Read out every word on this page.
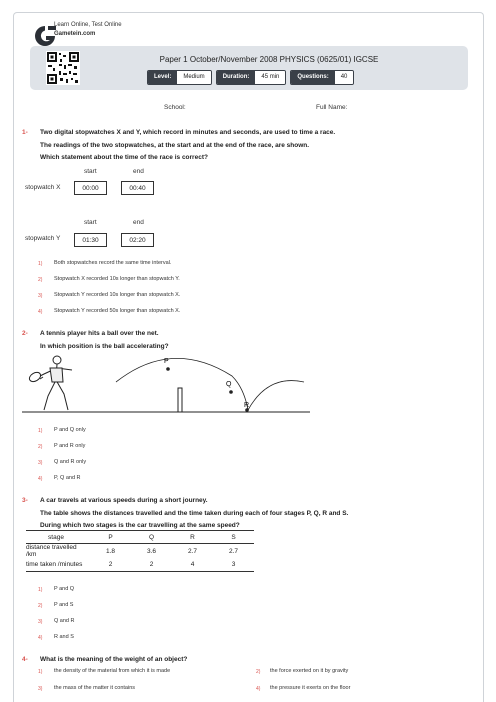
Learn Online, Test Online
Gametein.com
Paper 1 October/November 2008 PHYSICS (0625/01) IGCSE
Level:	Medium	Duration:	45 min	Questions:	40
School:	Full Name:
1- Two digital stopwatches X and Y, which record in minutes and seconds, are used to time a race.
The readings of the two stopwatches, at the start and at the end of the race, are shown.
Which statement about the time of the race is correct?
start	end
stopwatch X	00:00	00:40
start	end
stopwatch Y	01:30	02:20
1) Both stopwatches record the same time interval.
2) Stopwatch X recorded 10s longer than stopwatch Y.
3) Stopwatch Y recorded 10s longer than stopwatch X.
4) Stopwatch Y recorded 50s longer than stopwatch X.
2- A tennis player hits a ball over the net.
In which position is the ball accelerating?
P
Q
R
1) P and Q only
2) P and R only
3) Q and R only
4) P, Q and R
3- A car travels at various speeds during a short journey.
The table shows the distances travelled and the time taken during each of four stages P, Q, R and S.
During which two stages is the car travelling at the same speed?
stage	P	Q	R	S
distance travelled /km	1.8	3.6	2.7	2.7
time taken /minutes	2	2	4	3
1) P and Q
2) P and S
3) Q and R
4) R and S
4- What is the meaning of the weight of an object?
1) the density of the material from which it is made	2) the force exerted on it by gravity
3) the mass of the matter it contains	4) the pressure it exerts on the floor
